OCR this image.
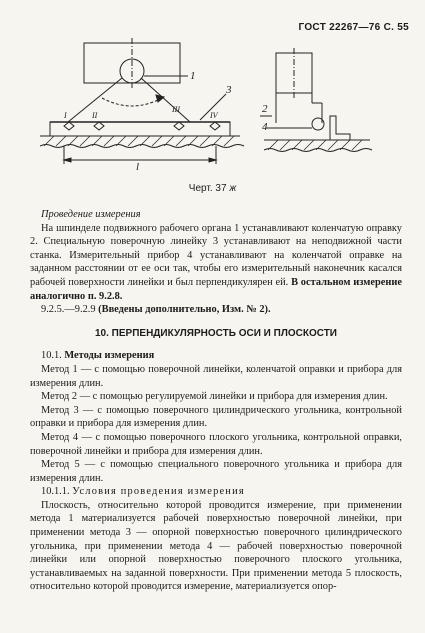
ГОСТ 22267—76 С. 55
1
3
I	II
III
IV
l
2
4
Черт. 37 ж

Проведение измерения

На шпинделе подвижного рабочего органа 1 устанавливают коленчатую оправку 2. Специальную поверочную линейку 3 устанавливают на неподвижной части станка. Измерительный прибор 4 устанавливают на коленчатой оправке на заданном расстоянии от ее оси так, чтобы его измерительный наконечник касался рабочей поверхности линейки и был перпендикулярен ей. В остальном измерение аналогично п. 9.2.8.

9.2.5.—9.2.9 (Введены дополнительно, Изм. № 2).

10. ПЕРПЕНДИКУЛЯРНОСТЬ ОСИ И ПЛОСКОСТИ

10.1. Методы измерения

Метод 1 — с помощью поверочной линейки, коленчатой оправки и прибора для измерения длин.

Метод 2 — с помощью регулируемой линейки и прибора для измерения длин.

Метод 3 — с помощью поверочного цилиндрического угольника, контрольной оправки и прибора для измерения длин.

Метод 4 — с помощью поверочного плоского угольника, контрольной оправки, поверочной линейки и прибора для измерения длин.

Метод 5 — с помощью специального поверочного угольника и прибора для измерения длин.

10.1.1. Условия проведения измерения

Плоскость, относительно которой проводится измерение, при применении метода 1 материализуется рабочей поверхностью поверочной линейки, при применении метода 3 — опорной поверхностью поверочного цилиндрического угольника, при применении метода 4 — рабочей поверхностью поверочной линейки или опорной поверхностью поверочного плоского угольника, устанавливаемых на заданной поверхности. При применении метода 5 плоскость, относительно которой проводится измерение, материализуется опор-
